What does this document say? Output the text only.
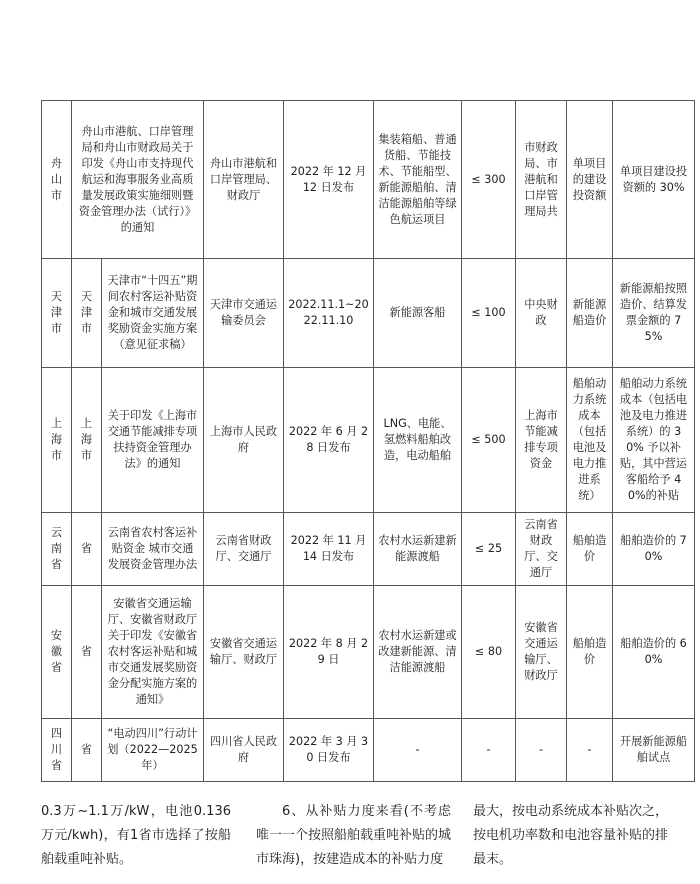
舟山市	舟山市港航、口岸管理局和舟山市财政局关于印发《舟山市支持现代航运和海事服务业高质量发展政策实施细则暨资金管理办法（试行）》的通知		舟山市港航和口岸管理局、财政厅	2022 年 12 月 12 日发布	集装箱船、普通货船、节能技术、节能船型、新能源船舶、清洁能源船舶等绿色航运项目	≤ 300	市财政局、市港航和口岸管理局共	单项目的建设投资额	单项目建设投资额的 30%
天津市	天津市	天津市“十四五”期间农村客运补贴资金和城市交通发展奖励资金实施方案（意见征求稿）	天津市交通运输委员会	2022.11.1~2022.11.10	新能源客船	≤ 100	中央财政	新能源船造价	新能源船按照造价、结算发票金额的 75%
上海市	上海市	关于印发《上海市交通节能减排专项扶持资金管理办法》的通知	上海市人民政府	2022 年 6 月 28 日发布	LNG、电能、氢燃料船舶改造，电动船舶	≤ 500	上海市节能减排专项资金	船舶动力系统成本（包括电池及电力推进系统）	船舶动力系统成本（包括电池及电力推进系统）的 30% 予以补贴，其中营运客船给予 40%的补贴
云南省	省	云南省农村客运补贴资金 城市交通发展资金管理办法	云南省财政厅、交通厅	2022 年 11 月 14 日发布	农村水运新建新能源渡船	≤ 25	云南省财政厅、交通厅	船舶造价	船舶造价的 70%
安徽省	省	安徽省交通运输厅、安徽省财政厅关于印发《安徽省农村客运补贴和城市交通发展奖励资金分配实施方案的通知》	安徽省交通运输厅、财政厅	2022 年 8 月 29 日	农村水运新建或改建新能源、清洁能源渡船	≤ 80	安徽省交通运输厅、财政厅	船舶造价	船舶造价的 60%
四川省	省	“电动四川”行动计划（2022—2025 年）	四川省人民政府	2022 年 3 月 30 日发布	-	-	-	-	开展新能源船舶试点
0.3万~1.1万/kW，电池0.136万元/kwh)，有1省市选择了按船舶载重吨补贴。
6、从补贴力度来看(不考虑唯一一个按照船舶载重吨补贴的城市珠海)，按建造成本的补贴力度
最大，按电动系统成本补贴次之，按电机功率数和电池容量补贴的排最末。
